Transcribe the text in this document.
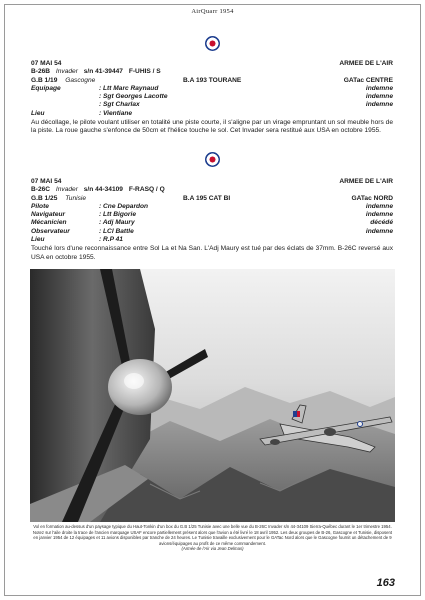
AirQuarr 1954
07 MAI 54	ARMEE DE L'AIR
B-26B Invader s/n 41-39447 F-UHIS / S
G.B 1/19 Gascogne	B.A 193 TOURANE	GATac CENTRE
Equipage	: Ltt Marc Raynaud	indemne
: Sgt Georges Lacotte	indemne
: Sgt Charlax	indemne
Lieu	: Vientiane
Au décollage, le pilote voulant utiliser en totalité une piste courte, il s'aligne par un virage empruntant un sol meuble hors de la piste. La roue gauche s'enfonce de 50cm et l'hélice touche le sol. Cet Invader sera restitué aux USA en octobre 1955.
07 MAI 54	ARMEE DE L'AIR
B-26C Invader s/n 44-34109 F-RASQ / Q
G.B 1/25 Tunisie	B.A 195 CAT BI	GATac NORD
Pilote	: Cne Depardon	indemne
Navigateur	: Ltt Bigorie	indemne
Mécanicien	: Adj Maury	décédé
Observateur	: LCl Battle	indemne
Lieu	: R.P 41
Touché lors d'une reconnaissance entre Sol La et Na San. L'Adj Maury est tué par des éclats de 37mm. B-26C reversé aux USA en octobre 1955.
Vol en formation au-dessus d'un paysage typique du Haut-Tonkin d'un box du G.B 1/25 Tunisie avec une belle vue du B-26C Invader s/n 44-34109 Sierra-Québec durant le 1er trimestre 1954. Notez sur l'aile droite la trace de l'ancien marquage USAF encore partiellement présent alors que l'avion a été livré le 18 avril 1952. Les deux groupes de B-26, Gascogne et Tunisie, disposent en janvier 1954 de 12 équipages et 11 avions disponibles par tranche de 24 heures. Le Tunisie travaille exclusivement pour le GATac Nord alors que le Gascogne fournit un détachement de 9 avions/équipages au profit de ce même commandement.
(Armée de l'Air via Jean Delmas)
163
